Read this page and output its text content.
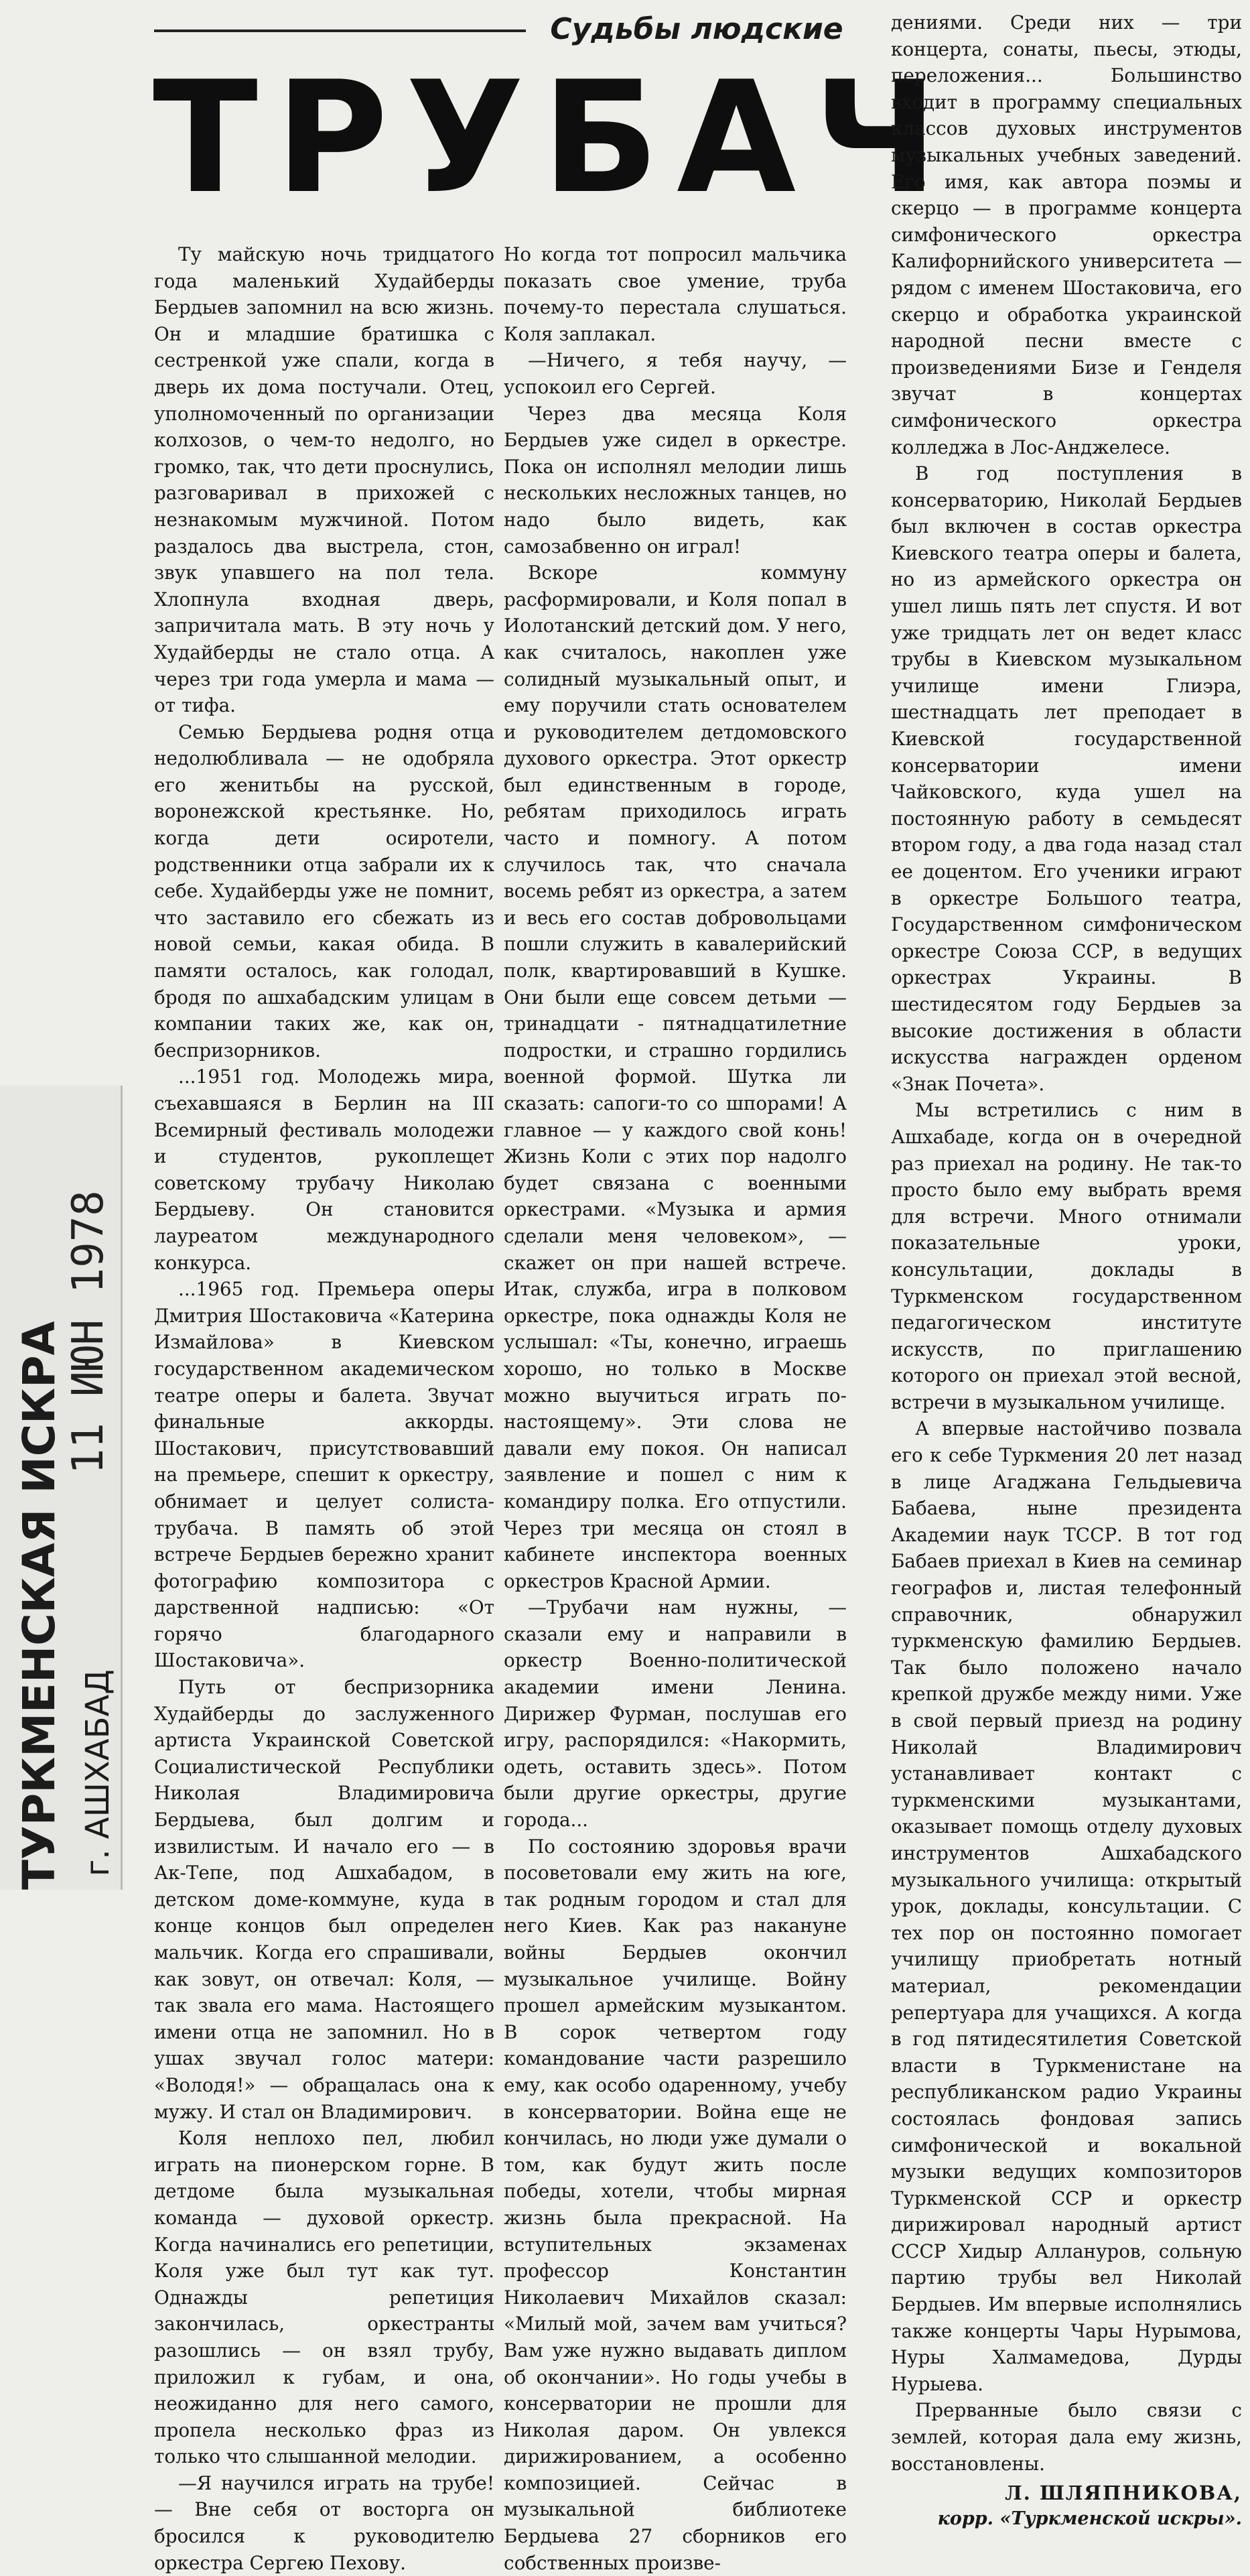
11 ИЮН 1978
ТУРКМЕНСКАЯ ИСКРА г. АШХАБАД
Судьбы людские
ТРУБАЧ

Ту майскую ночь тридцатого года маленький Худайберды Бердыев запомнил на всю жизнь. Он и младшие братишка с сестренкой уже спали, когда в дверь их дома постучали. Отец, уполномоченный по организации колхозов, о чем-то недолго, но громко, так, что дети проснулись, разговаривал в прихожей с незнакомым мужчиной. Потом раздалось два выстрела, стон, звук упавшего на пол тела. Хлопнула входная дверь, запричитала мать. В эту ночь у Худайберды не стало отца. А через три года умерла и мама — от тифа.

Семью Бердыева родня отца недолюбливала — не одобряла его женитьбы на русской, воронежской крестьянке. Но, когда дети осиротели, родственники отца забрали их к себе. Худайберды уже не помнит, что заставило его сбежать из новой семьи, какая обида. В памяти осталось, как голодал, бродя по ашхабадским улицам в компании таких же, как он, беспризорников.

...1951 год. Молодежь мира, съехавшаяся в Берлин на III Всемирный фестиваль молодежи и студентов, рукоплещет советскому трубачу Николаю Бердыеву. Он становится лауреатом международного конкурса.

...1965 год. Премьера оперы Дмитрия Шостаковича «Катерина Измайлова» в Киевском государственном академическом театре оперы и балета. Звучат финальные аккорды. Шостакович, присутствовавший на премьере, спешит к оркестру, обнимает и целует солиста-трубача. В память об этой встрече Бердыев бережно хранит фотографию композитора с дарственной надписью: «От горячо благодарного Шостаковича».

Путь от беспризорника Худайберды до заслуженного артиста Украинской Советской Социалистической Республики Николая Владимировича Бердыева, был долгим и извилистым. И начало его — в Ак-Тепе, под Ашхабадом, в детском доме-коммуне, куда в конце концов был определен мальчик. Когда его спрашивали, как зовут, он отвечал: Коля, — так звала его мама. Настоящего имени отца не запомнил. Но в ушах звучал голос матери: «Володя!» — обращалась она к мужу. И стал он Владимирович.

Коля неплохо пел, любил играть на пионерском горне. В детдоме была музыкальная команда — духовой оркестр. Когда начинались его репетиции, Коля уже был тут как тут. Однажды репетиция закончилась, оркестранты разошлись — он взял трубу, приложил к губам, и она, неожиданно для него самого, пропела несколько фраз из только что слышанной мелодии.

—Я научился играть на трубе! — Вне себя от восторга он бросился к руководителю оркестра Сергею Пехову.

Но когда тот попросил мальчика показать свое умение, труба почему-то перестала слушаться. Коля заплакал.

—Ничего, я тебя научу, — успокоил его Сергей.

Через два месяца Коля Бердыев уже сидел в оркестре. Пока он исполнял мелодии лишь нескольких несложных танцев, но надо было видеть, как самозабвенно он играл!

Вскоре коммуну расформировали, и Коля попал в Иолотанский детский дом. У него, как считалось, накоплен уже солидный музыкальный опыт, и ему поручили стать основателем и руководителем детдомовского духового оркестра. Этот оркестр был единственным в городе, ребятам приходилось играть часто и помногу. А потом случилось так, что сначала восемь ребят из оркестра, а затем и весь его состав добровольцами пошли служить в кавалерийский полк, квартировавший в Кушке. Они были еще совсем детьми — тринадцати - пятнадцатилетние подростки, и страшно гордились военной формой. Шутка ли сказать: сапоги-то со шпорами! А главное — у каждого свой конь! Жизнь Коли с этих пор надолго будет связана с военными оркестрами. «Музыка и армия сделали меня человеком», — скажет он при нашей встрече. Итак, служба, игра в полковом оркестре, пока однажды Коля не услышал: «Ты, конечно, играешь хорошо, но только в Москве можно выучиться играть по-настоящему». Эти слова не давали ему покоя. Он написал заявление и пошел с ним к командиру полка. Его отпустили. Через три месяца он стоял в кабинете инспектора военных оркестров Красной Армии.

—Трубачи нам нужны, — сказали ему и направили в оркестр Военно-политической академии имени Ленина. Дирижер Фурман, послушав его игру, распорядился: «Накормить, одеть, оставить здесь». Потом были другие оркестры, другие города...

По состоянию здоровья врачи посоветовали ему жить на юге, так родным городом и стал для него Киев. Как раз накануне войны Бердыев окончил музыкальное училище. Войну прошел армейским музыкантом. В сорок четвертом году командование части разрешило ему, как особо одаренному, учебу в консерватории. Война еще не кончилась, но люди уже думали о том, как будут жить после победы, хотели, чтобы мирная жизнь была прекрасной. На вступительных экзаменах профессор Константин Николаевич Михайлов сказал: «Милый мой, зачем вам учиться? Вам уже нужно выдавать диплом об окончании». Но годы учебы в консерватории не прошли для Николая даром. Он увлекся дирижированием, а особенно композицией. Сейчас в музыкальной библиотеке Бердыева 27 сборников его собственных произве-

дениями. Среди них — три концерта, сонаты, пьесы, этюды, переложения... Большинство входит в программу специальных классов духовых инструментов музыкальных учебных заведений. Его имя, как автора поэмы и скерцо — в программе концерта симфонического оркестра Калифорнийского университета — рядом с именем Шостаковича, его скерцо и обработка украинской народной песни вместе с произведениями Бизе и Генделя звучат в концертах симфонического оркестра колледжа в Лос-Анджелесе.

В год поступления в консерваторию, Николай Бердыев был включен в состав оркестра Киевского театра оперы и балета, но из армейского оркестра он ушел лишь пять лет спустя. И вот уже тридцать лет он ведет класс трубы в Киевском музыкальном училище имени Глиэра, шестнадцать лет преподает в Киевской государственной консерватории имени Чайковского, куда ушел на постоянную работу в семьдесят втором году, а два года назад стал ее доцентом. Его ученики играют в оркестре Большого театра, Государственном симфоническом оркестре Союза ССР, в ведущих оркестрах Украины. В шестидесятом году Бердыев за высокие достижения в области искусства награжден орденом «Знак Почета».

Мы встретились с ним в Ашхабаде, когда он в очередной раз приехал на родину. Не так-то просто было ему выбрать время для встречи. Много отнимали показательные уроки, консультации, доклады в Туркменском государственном педагогическом институте искусств, по приглашению которого он приехал этой весной, встречи в музыкальном училище.

А впервые настойчиво позвала его к себе Туркмения 20 лет назад в лице Агаджана Гельдыевича Бабаева, ныне президента Академии наук ТССР. В тот год Бабаев приехал в Киев на семинар географов и, листая телефонный справочник, обнаружил туркменскую фамилию Бердыев. Так было положено начало крепкой дружбе между ними. Уже в свой первый приезд на родину Николай Владимирович устанавливает контакт с туркменскими музыкантами, оказывает помощь отделу духовых инструментов Ашхабадского музыкального училища: открытый урок, доклады, консультации. С тех пор он постоянно помогает училищу приобретать нотный материал, рекомендации репертуара для учащихся. А когда в год пятидесятилетия Советской власти в Туркменистане на республиканском радио Украины состоялась фондовая запись симфонической и вокальной музыки ведущих композиторов Туркменской ССР и оркестр дирижировал народный артист СССР Хидыр Аллануров, сольную партию трубы вел Николай Бердыев. Им впервые исполнялись также концерты Чары Нурымова, Нуры Халмамедова, Дурды Нурыева.

Прерванные было связи с землей, которая дала ему жизнь, восстановлены.

Л. ШЛЯПНИКОВА,
корр. «Туркменской искры».
